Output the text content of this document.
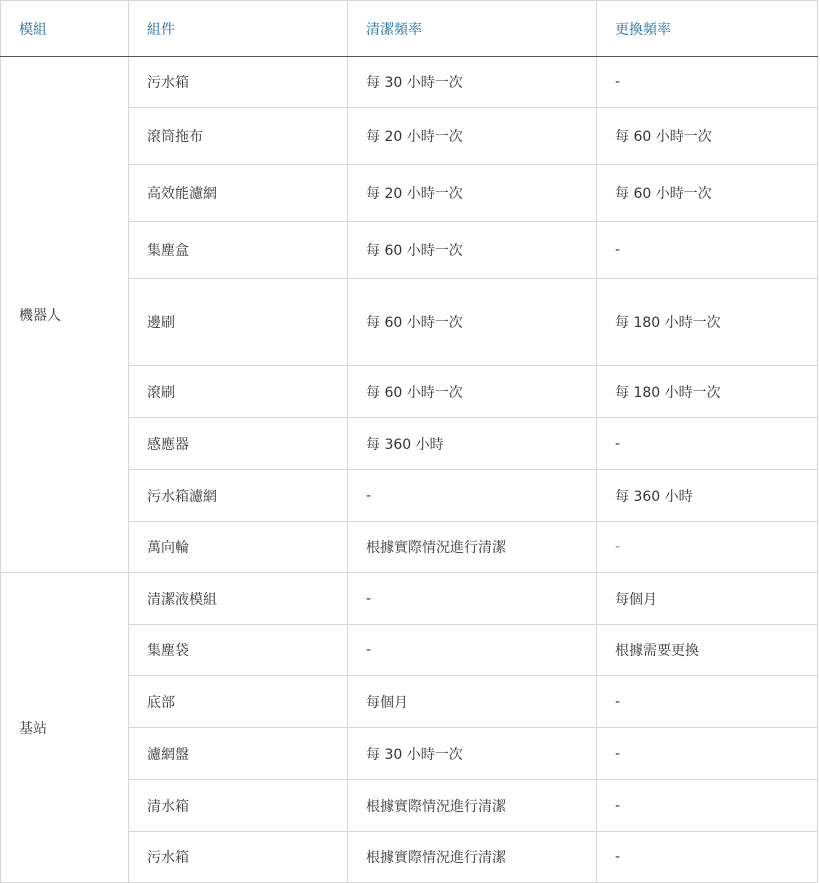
模組	組件	清潔頻率	更換頻率
機器人	污水箱	每 30 小時一次	-
	滾筒拖布	每 20 小時一次	每 60 小時一次
	高效能濾網	每 20 小時一次	每 60 小時一次
	集塵盒	每 60 小時一次	-
	邊刷	每 60 小時一次	每 180 小時一次
	滾刷	每 60 小時一次	每 180 小時一次
	感應器	每 360 小時	-
	污水箱濾網	-	每 360 小時
	萬向輪	根據實際情況進行清潔	-
基站	清潔液模組	-	每個月
	集塵袋	-	根據需要更換
	底部	每個月	-
	濾網盤	每 30 小時一次	-
	清水箱	根據實際情況進行清潔	-
	污水箱	根據實際情況進行清潔	-
